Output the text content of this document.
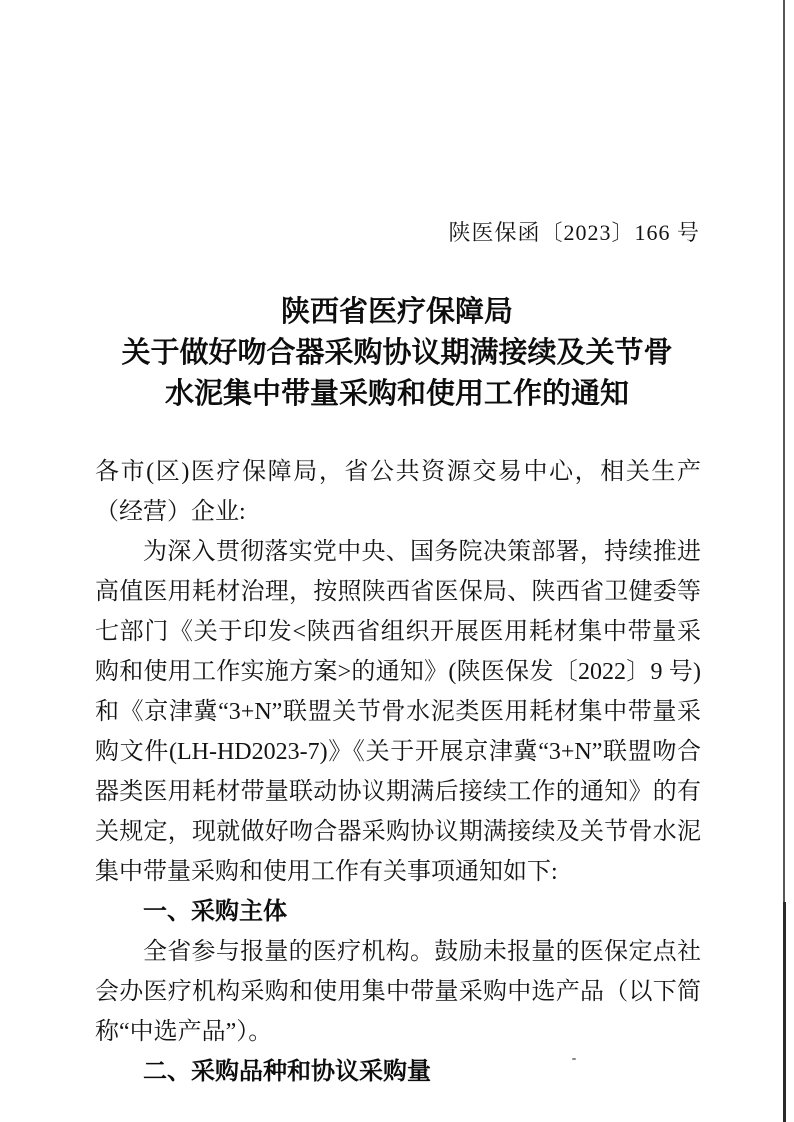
陕医保函〔2023〕166 号
陕西省医疗保障局
关于做好吻合器采购协议期满接续及关节骨
水泥集中带量采购和使用工作的通知
各市(区)医疗保障局，省公共资源交易中心，相关生产（经营）企业:
为深入贯彻落实党中央、国务院决策部署，持续推进高值医用耗材治理，按照陕西省医保局、陕西省卫健委等七部门《关于印发<陕西省组织开展医用耗材集中带量采购和使用工作实施方案>的通知》(陕医保发〔2022〕9 号)和《京津冀“3+N”联盟关节骨水泥类医用耗材集中带量采购文件(LH-HD2023-7)》《关于开展京津冀“3+N”联盟吻合器类医用耗材带量联动协议期满后接续工作的通知》的有关规定，现就做好吻合器采购协议期满接续及关节骨水泥集中带量采购和使用工作有关事项通知如下:
一、采购主体
全省参与报量的医疗机构。鼓励未报量的医保定点社会办医疗机构采购和使用集中带量采购中选产品（以下简称“中选产品”）。
二、采购品种和协议采购量
